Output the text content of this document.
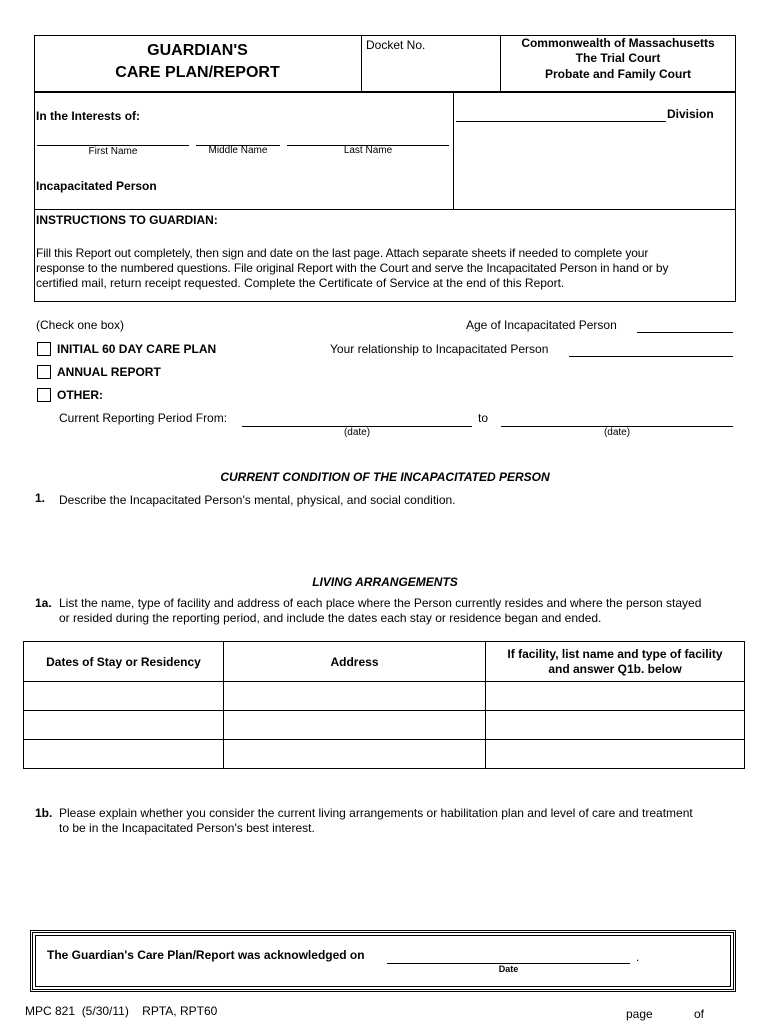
GUARDIAN'S
CARE PLAN/REPORT
Docket No.	Commonwealth of Massachusetts
The Trial Court
Probate and Family Court
In the Interests of:	Division
First Name	Middle Name	Last Name
Incapacitated Person
INSTRUCTIONS TO GUARDIAN:
Fill this Report out completely, then sign and date on the last page. Attach separate sheets if needed to complete your
response to the numbered questions. File original Report with the Court and serve the Incapacitated Person in hand or by
certified mail, return receipt requested. Complete the Certificate of Service at the end of this Report.
(Check one box)
INITIAL 60 DAY CARE PLAN
ANNUAL REPORT
OTHER:
Age of Incapacitated Person
Your relationship to Incapacitated Person
Current Reporting Period From:	to
(date)	(date)
CURRENT CONDITION OF THE INCAPACITATED PERSON
1. Describe the Incapacitated Person's mental, physical, and social condition.
LIVING ARRANGEMENTS
1a. List the name, type of facility and address of each place where the Person currently resides and where the person stayed
or resided during the reporting period, and include the dates each stay or residence began and ended.
Dates of Stay or Residency	Address	If facility, list name and type of facility
and answer Q1b. below

1b. Please explain whether you consider the current living arrangements or habilitation plan and level of care and treatment
to be in the Incapacitated Person's best interest.
The Guardian's Care Plan/Report was acknowledged on	.
Date
MPC 821  (5/30/11)    RPTA, RPT60	page	of
